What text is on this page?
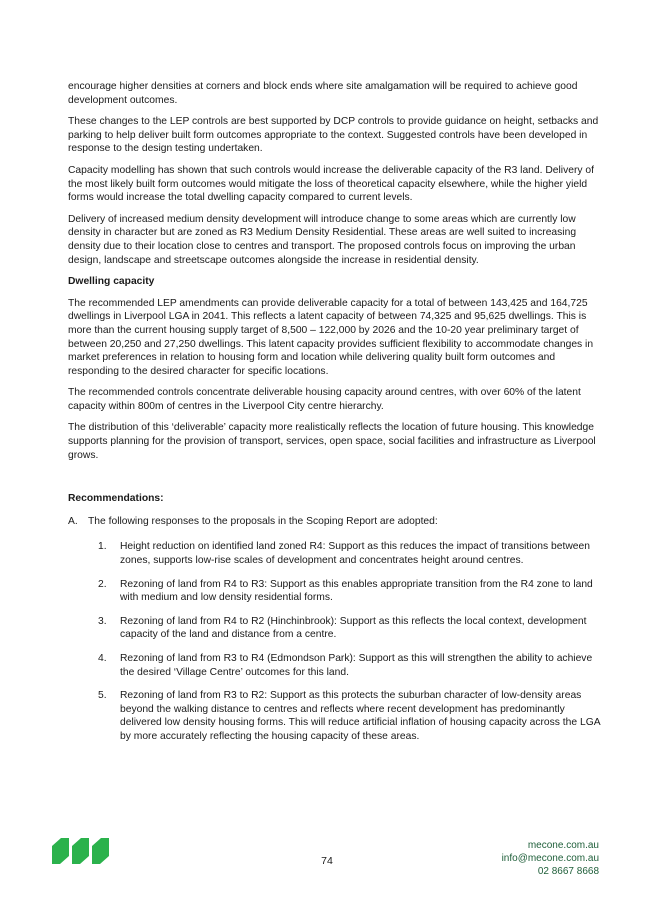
encourage higher densities at corners and block ends where site amalgamation will be required to achieve good development outcomes.

These changes to the LEP controls are best supported by DCP controls to provide guidance on height, setbacks and parking to help deliver built form outcomes appropriate to the context. Suggested controls have been developed in response to the design testing undertaken.

Capacity modelling has shown that such controls would increase the deliverable capacity of the R3 land. Delivery of the most likely built form outcomes would mitigate the loss of theoretical capacity elsewhere, while the higher yield forms would increase the total dwelling capacity compared to current levels.

Delivery of increased medium density development will introduce change to some areas which are currently low density in character but are zoned as R3 Medium Density Residential. These areas are well suited to increasing density due to their location close to centres and transport. The proposed controls focus on improving the urban design, landscape and streetscape outcomes alongside the increase in residential density.

Dwelling capacity

The recommended LEP amendments can provide deliverable capacity for a total of between 143,425 and 164,725 dwellings in Liverpool LGA in 2041. This reflects a latent capacity of between 74,325 and 95,625 dwellings. This is more than the current housing supply target of 8,500 – 122,000 by 2026 and the 10-20 year preliminary target of between 20,250 and 27,250 dwellings. This latent capacity provides sufficient flexibility to accommodate changes in market preferences in relation to housing form and location while delivering quality built form outcomes and responding to the desired character for specific locations.

The recommended controls concentrate deliverable housing capacity around centres, with over 60% of the latent capacity within 800m of centres in the Liverpool City centre hierarchy.

The distribution of this ‘deliverable’ capacity more realistically reflects the location of future housing. This knowledge supports planning for the provision of transport, services, open space, social facilities and infrastructure as Liverpool grows.

Recommendations:
A. The following responses to the proposals in the Scoping Report are adopted:
1. Height reduction on identified land zoned R4: Support as this reduces the impact of transitions between zones, supports low-rise scales of development and concentrates height around centres.
2. Rezoning of land from R4 to R3: Support as this enables appropriate transition from the R4 zone to land with medium and low density residential forms.
3. Rezoning of land from R4 to R2 (Hinchinbrook): Support as this reflects the local context, development capacity of the land and distance from a centre.
4. Rezoning of land from R3 to R4 (Edmondson Park): Support as this will strengthen the ability to achieve the desired ‘Village Centre’ outcomes for this land.
5. Rezoning of land from R3 to R2: Support as this protects the suburban character of low-density areas beyond the walking distance to centres and reflects where recent development has predominantly delivered low density housing forms. This will reduce artificial inflation of housing capacity across the LGA by more accurately reflecting the housing capacity of these areas.
74
mecone.com.au
info@mecone.com.au
02 8667 8668
